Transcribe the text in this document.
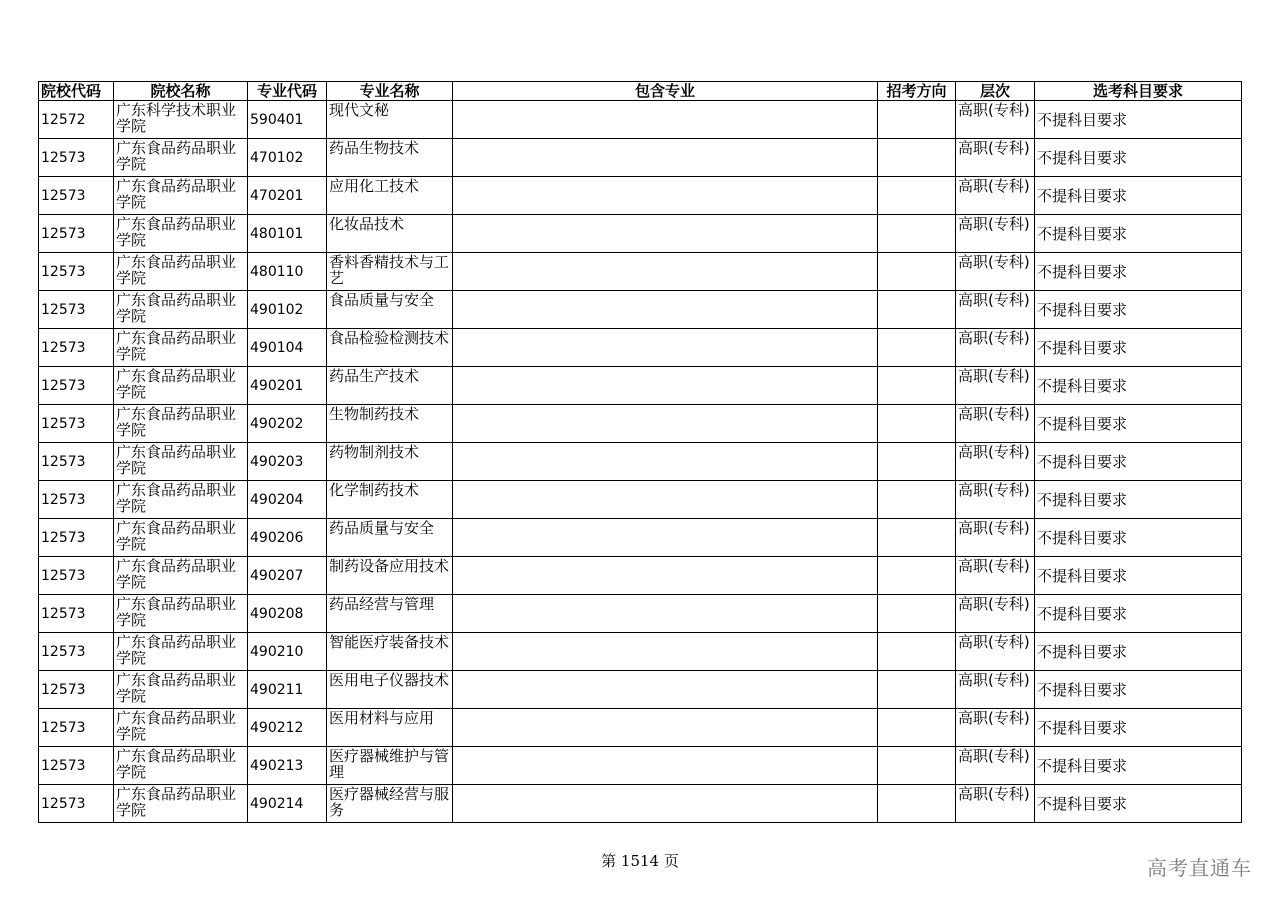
院校代码	院校名称	专业代码	专业名称	包含专业	招考方向	层次	选考科目要求
12572	广东科学技术职业学院	590401	现代文秘			高职(专科)	不提科目要求
12573	广东食品药品职业学院	470102	药品生物技术			高职(专科)	不提科目要求
12573	广东食品药品职业学院	470201	应用化工技术			高职(专科)	不提科目要求
12573	广东食品药品职业学院	480101	化妆品技术			高职(专科)	不提科目要求
12573	广东食品药品职业学院	480110	香料香精技术与工艺			高职(专科)	不提科目要求
12573	广东食品药品职业学院	490102	食品质量与安全			高职(专科)	不提科目要求
12573	广东食品药品职业学院	490104	食品检验检测技术			高职(专科)	不提科目要求
12573	广东食品药品职业学院	490201	药品生产技术			高职(专科)	不提科目要求
12573	广东食品药品职业学院	490202	生物制药技术			高职(专科)	不提科目要求
12573	广东食品药品职业学院	490203	药物制剂技术			高职(专科)	不提科目要求
12573	广东食品药品职业学院	490204	化学制药技术			高职(专科)	不提科目要求
12573	广东食品药品职业学院	490206	药品质量与安全			高职(专科)	不提科目要求
12573	广东食品药品职业学院	490207	制药设备应用技术			高职(专科)	不提科目要求
12573	广东食品药品职业学院	490208	药品经营与管理			高职(专科)	不提科目要求
12573	广东食品药品职业学院	490210	智能医疗装备技术			高职(专科)	不提科目要求
12573	广东食品药品职业学院	490211	医用电子仪器技术			高职(专科)	不提科目要求
12573	广东食品药品职业学院	490212	医用材料与应用			高职(专科)	不提科目要求
12573	广东食品药品职业学院	490213	医疗器械维护与管理			高职(专科)	不提科目要求
12573	广东食品药品职业学院	490214	医疗器械经营与服务			高职(专科)	不提科目要求
第 1514 页	高考直通车
